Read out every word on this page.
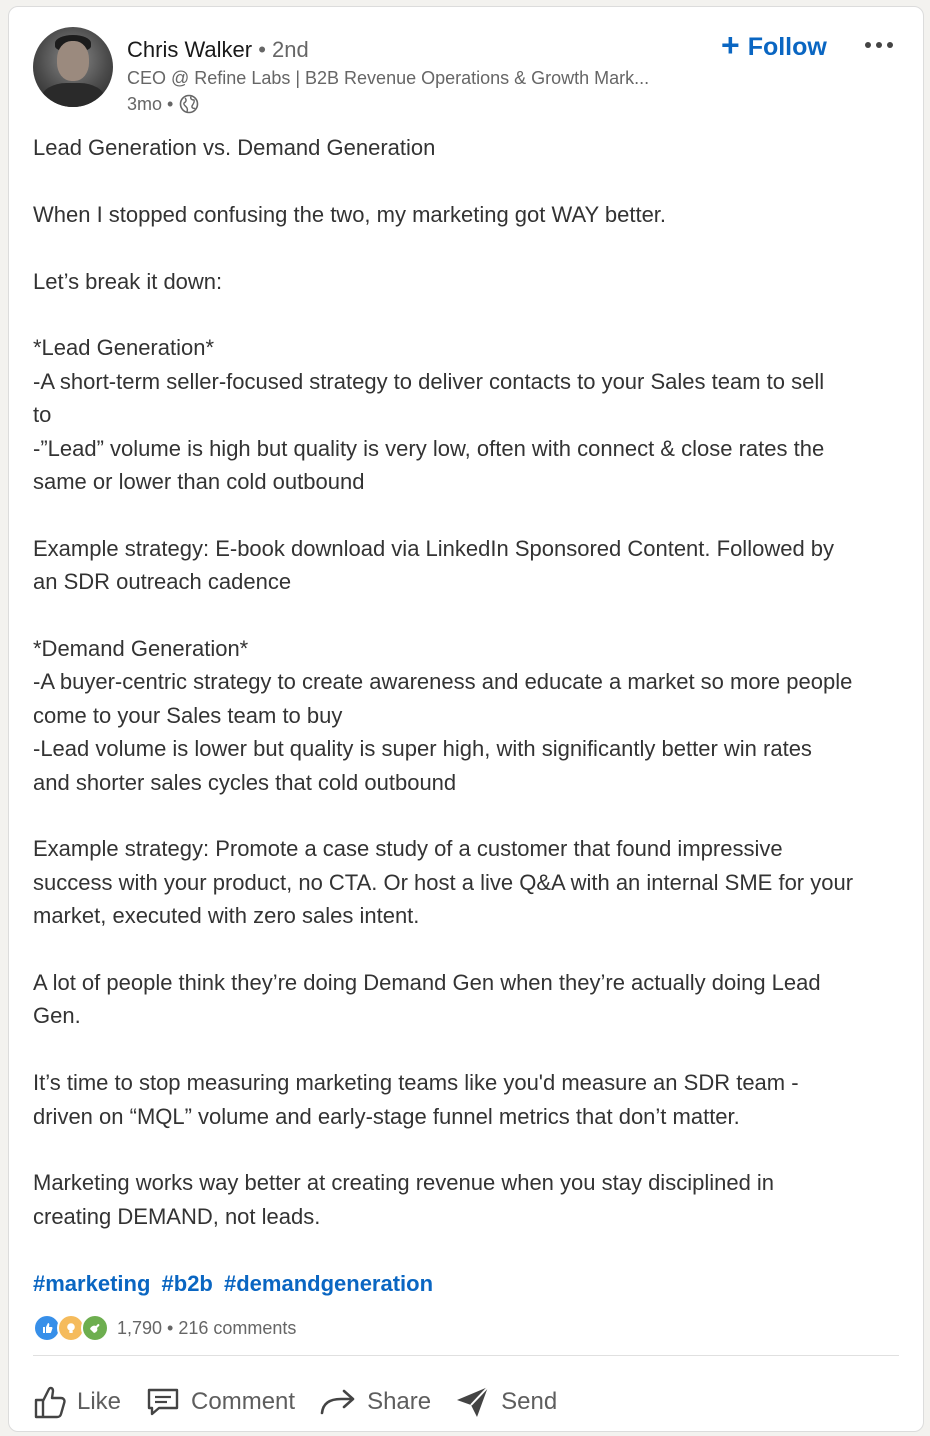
Chris Walker • 2nd
CEO @ Refine Labs | B2B Revenue Operations & Growth Mark...
3mo •
+ Follow

Lead Generation vs. Demand Generation

When I stopped confusing the two, my marketing got WAY better.

Let’s break it down:

*Lead Generation*
-A short-term seller-focused strategy to deliver contacts to your Sales team to sell
to
-”Lead” volume is high but quality is very low, often with connect & close rates the
same or lower than cold outbound

Example strategy: E-book download via LinkedIn Sponsored Content. Followed by
an SDR outreach cadence

*Demand Generation*
-A buyer-centric strategy to create awareness and educate a market so more people
come to your Sales team to buy
-Lead volume is lower but quality is super high, with significantly better win rates
and shorter sales cycles that cold outbound

Example strategy: Promote a case study of a customer that found impressive
success with your product, no CTA. Or host a live Q&A with an internal SME for your
market, executed with zero sales intent.

A lot of people think they’re doing Demand Gen when they’re actually doing Lead
Gen.

It’s time to stop measuring marketing teams like you'd measure an SDR team -
driven on “MQL” volume and early-stage funnel metrics that don’t matter.

Marketing works way better at creating revenue when you stay disciplined in
creating DEMAND, not leads.

#marketing #b2b #demandgeneration
1,790 • 216 comments
Like	Comment	Share	Send
